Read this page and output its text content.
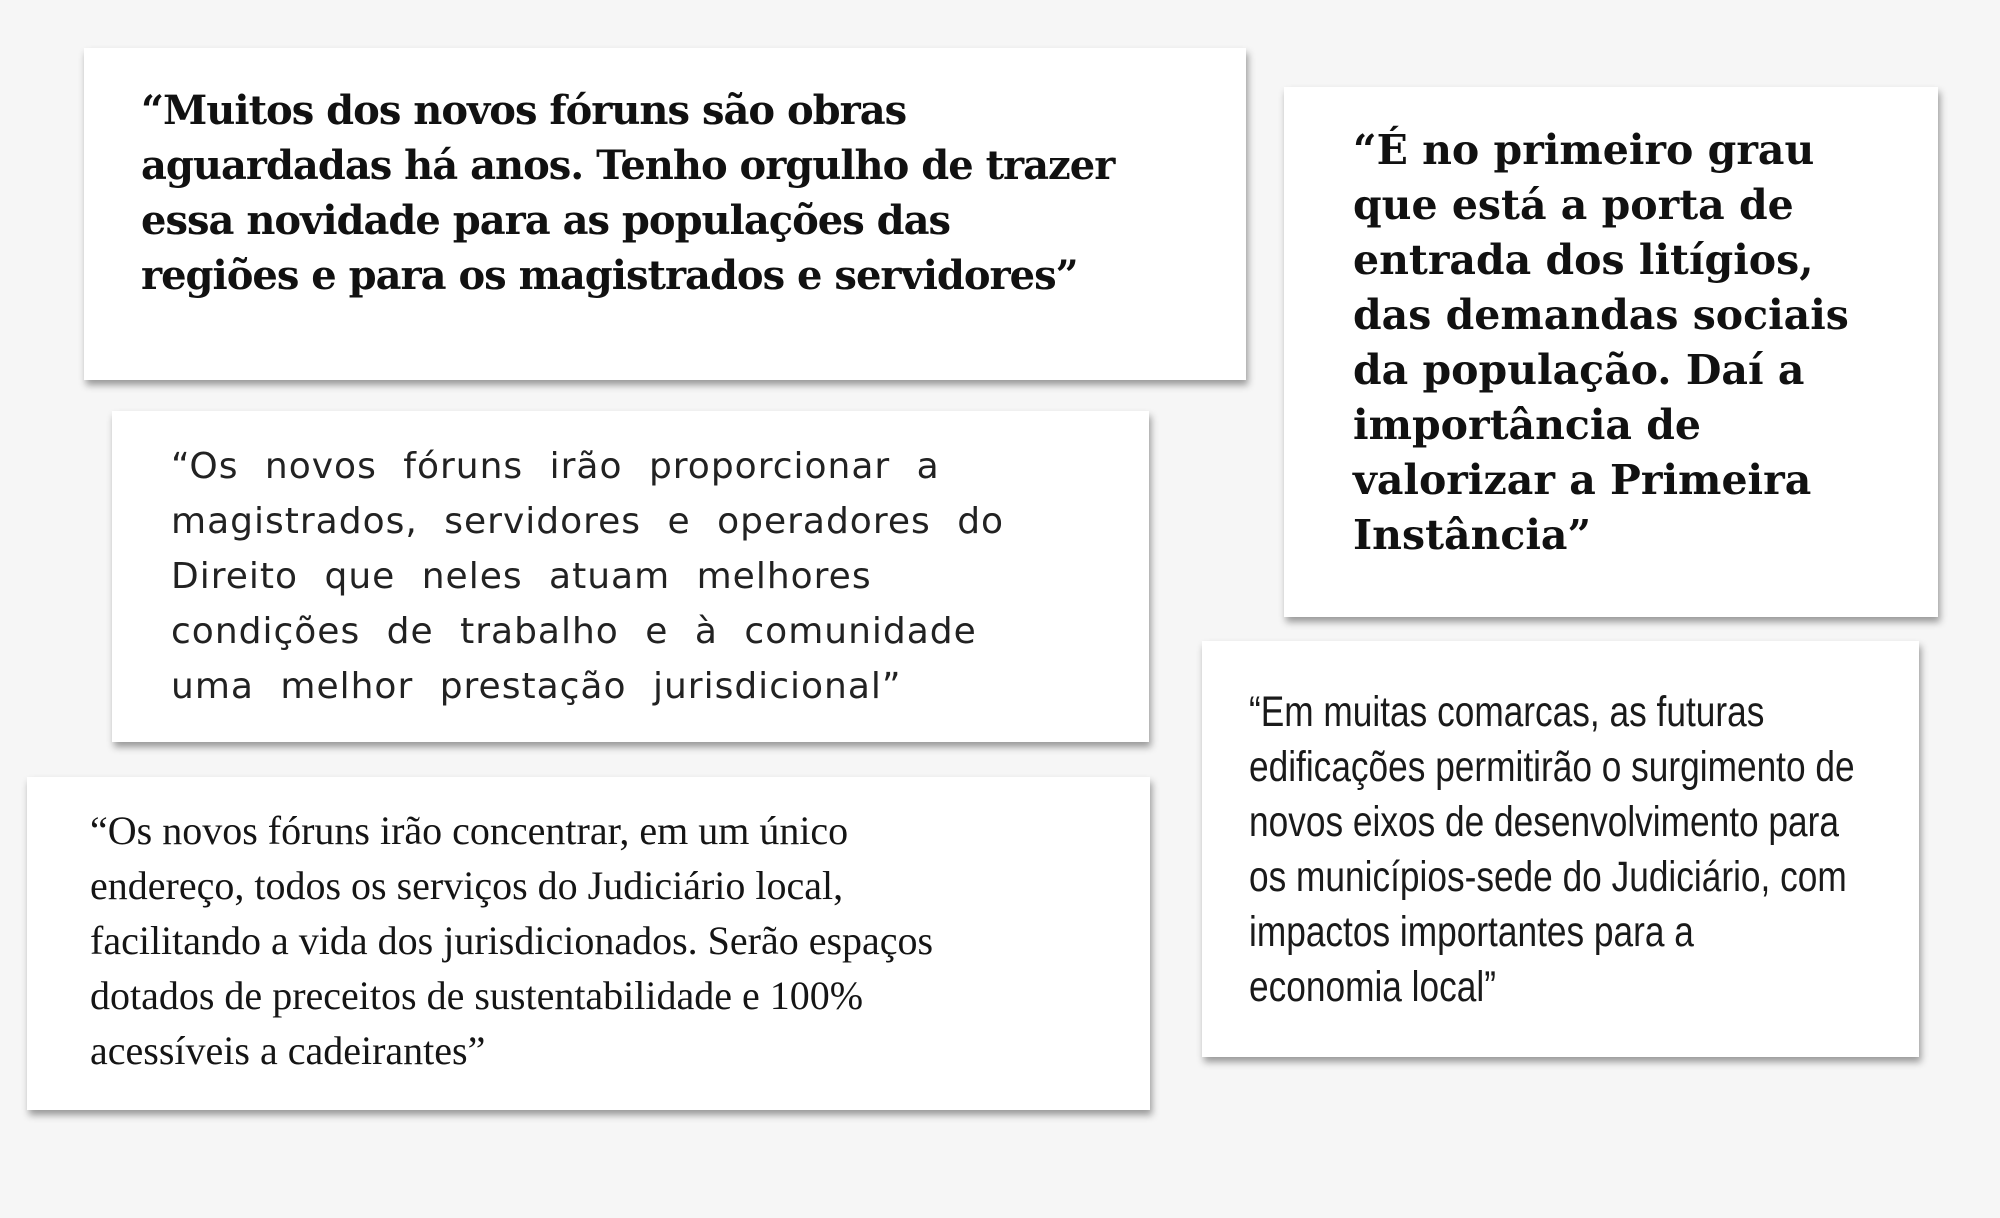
“Muitos dos novos fóruns são obras
aguardadas há anos. Tenho orgulho de trazer
essa novidade para as populações das
regiões e para os magistrados e servidores”

“Os novos fóruns irão proporcionar a
magistrados, servidores e operadores do
Direito que neles atuam melhores
condições de trabalho e à comunidade
uma melhor prestação jurisdicional”

“Os novos fóruns irão concentrar, em um único
endereço, todos os serviços do Judiciário local,
facilitando a vida dos jurisdicionados. Serão espaços
dotados de preceitos de sustentabilidade e 100%
acessíveis a cadeirantes”

“É no primeiro grau
que está a porta de
entrada dos litígios,
das demandas sociais
da população. Daí a
importância de
valorizar a Primeira
Instância”

“Em muitas comarcas, as futuras
edificações permitirão o surgimento de
novos eixos de desenvolvimento para
os municípios-sede do Judiciário, com
impactos importantes para a
economia local”
